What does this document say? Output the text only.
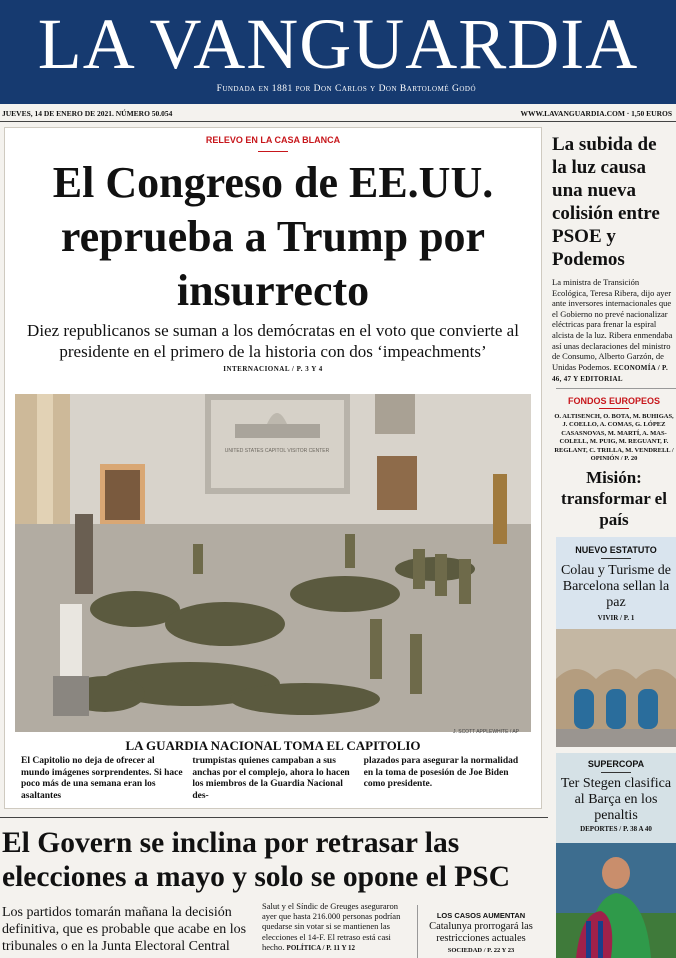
LA VANGUARDIA
Fundada en 1881 por Don Carlos y Don Bartolomé Godó
JUEVES, 14 DE ENERO DE 2021. NÚMERO 50.054	WWW.LAVANGUARDIA.COM · 1,50 EUROS
RELEVO EN LA CASA BLANCA
El Congreso de EE.UU. reprueba a Trump por insurrecto
Diez republicanos se suman a los demócratas en el voto que convierte al presidente en el primero de la historia con dos ‘impeachments’
INTERNACIONAL / P. 3 Y 4
UNITED STATES CAPITOL VISITOR CENTER
J. SCOTT APPLEWHITE / AP
LA GUARDIA NACIONAL TOMA EL CAPITOLIO
El Capitolio no deja de ofrecer al mundo imágenes sorprendentes. Si hace poco más de una semana eran los asaltantes
trumpistas quienes campaban a sus anchas por el complejo, ahora lo hacen los miembros de la Guardia Nacional des-
plazados para asegurar la normalidad en la toma de posesión de Joe Biden como presidente.
La subida de la luz causa una nueva colisión entre PSOE y Podemos
La ministra de Transición Ecológica, Teresa Ribera, dijo ayer ante inversores internacionales que el Gobierno no prevé nacionalizar eléctricas para frenar la espiral alcista de la luz. Ribera enmendaba así unas declaraciones del ministro de Consumo, Alberto Garzón, de Unidas Podemos. ECONOMÍA / P. 46, 47 Y EDITORIAL
FONDOS EUROPEOS
O. ALTISENCH, O. BOTA, M. BUHIGAS, J. COELLO, A. COMAS, G. LÓPEZ CASASNOVAS, M. MARTÍ, A. MAS-COLELL, M. PUIG, M. REGUANT, F. REGLANT, C. TRILLA, M. VENDRELL / OPINIÓN / P. 20
Misión: transformar el país
NUEVO ESTATUTO
Colau y Turisme de Barcelona sellan la paz
VIVIR / P. 1
SUPERCOPA
Ter Stegen clasifica al Barça en los penaltis
DEPORTES / P. 38 A 40
El Govern se inclina por retrasar las elecciones a mayo y solo se opone el PSC
Los partidos tomarán mañana la decisión definitiva, que es probable que acabe en los tribunales o en la Junta Electoral Central
Salut y el Síndic de Greuges aseguraron ayer que hasta 216.000 personas podrían quedarse sin votar si se mantienen las elecciones el 14-F. El retraso está casi hecho. POLÍTICA / P. 11 Y 12
LOS CASOS AUMENTAN
Catalunya prorrogará las restricciones actuales
SOCIEDAD / P. 22 Y 23
